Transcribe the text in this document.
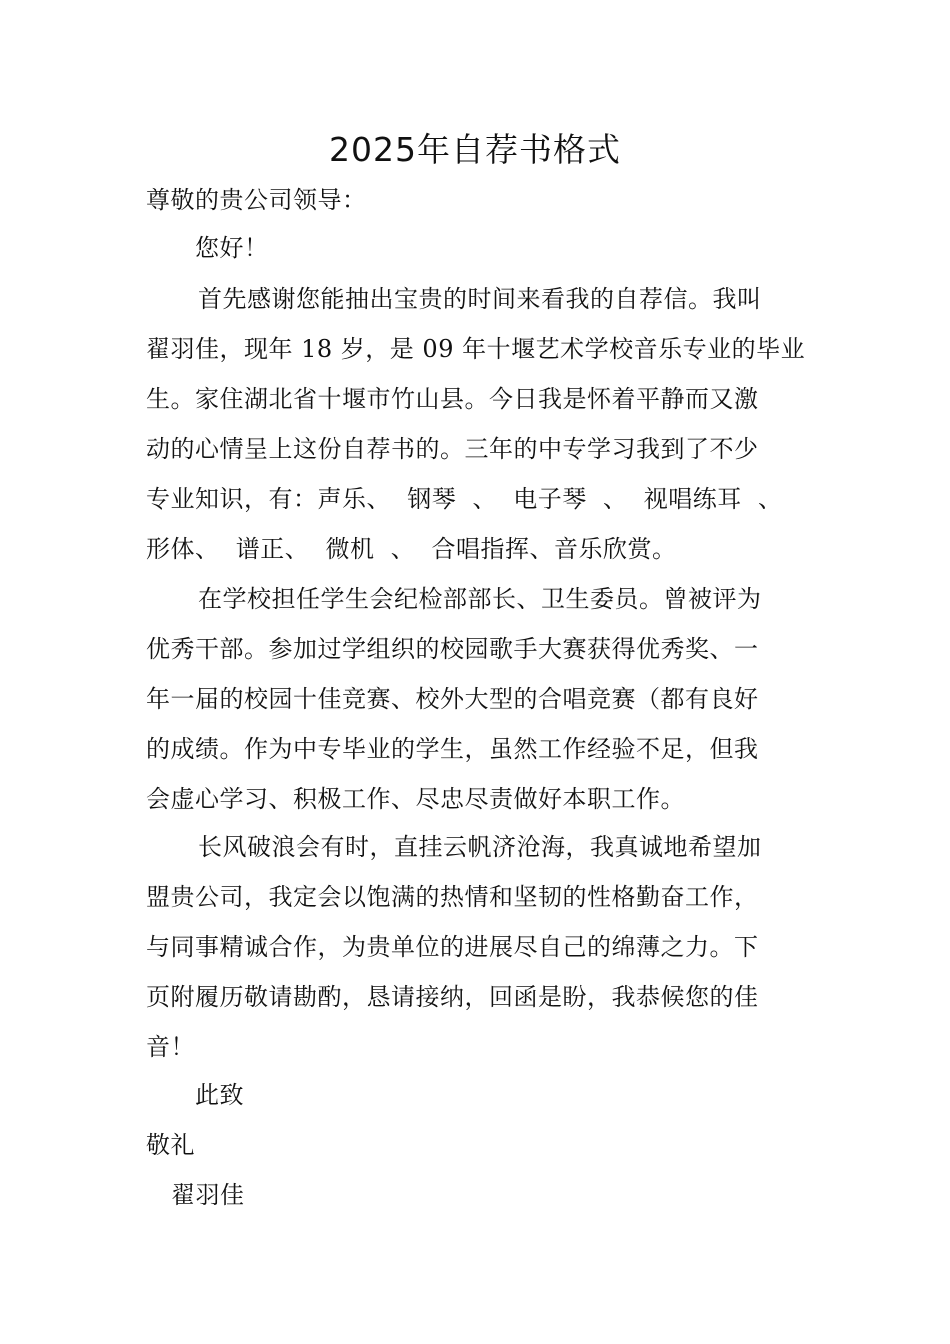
2025年自荐书格式
尊敬的贵公司领导：
您好！
首先感谢您能抽出宝贵的时间来看我的自荐信。我叫
翟羽佳，现年 18 岁，是 09 年十堰艺术学校音乐专业的毕业
生。家住湖北省十堰市竹山县。今日我是怀着平静而又激
动的心情呈上这份自荐书的。三年的中专学习我到了不少
专业知识，有：声乐、  钢琴  、  电子琴  、  视唱练耳  、
形体、  谱正、  微机  、  合唱指挥、音乐欣赏。
在学校担任学生会纪检部部长、卫生委员。曾被评为
优秀干部。参加过学组织的校园歌手大赛获得优秀奖、一
年一届的校园十佳竞赛、校外大型的合唱竞赛（都有良好
的成绩。作为中专毕业的学生，虽然工作经验不足，但我
会虚心学习、积极工作、尽忠尽责做好本职工作。
长风破浪会有时，直挂云帆济沧海，我真诚地希望加
盟贵公司，我定会以饱满的热情和坚韧的性格勤奋工作，
与同事精诚合作，为贵单位的进展尽自己的绵薄之力。下
页附履历敬请勘酌，恳请接纳，回函是盼，我恭候您的佳
音！
此致
敬礼
翟羽佳
